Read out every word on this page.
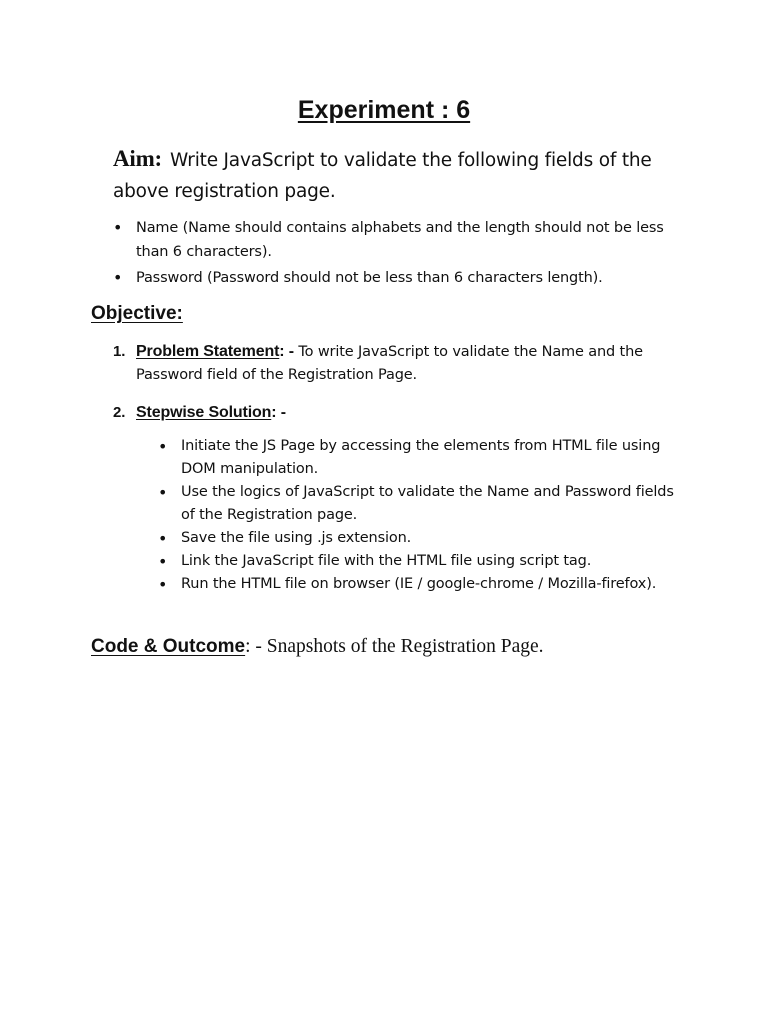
Experiment : 6
Aim: Write JavaScript to validate the following fields of the above registration page.
• Name (Name should contains alphabets and the length should not be less than 6 characters).
• Password (Password should not be less than 6 characters length).
Objective:
1. Problem Statement: - To write JavaScript to validate the Name and the Password field of the Registration Page.
2. Stepwise Solution: -
• Initiate the JS Page by accessing the elements from HTML file using DOM manipulation.
• Use the logics of JavaScript to validate the Name and Password fields of the Registration page.
• Save the file using .js extension.
• Link the JavaScript file with the HTML file using script tag.
• Run the HTML file on browser (IE / google-chrome / Mozilla-firefox).
Code & Outcome: - Snapshots of the Registration Page.
